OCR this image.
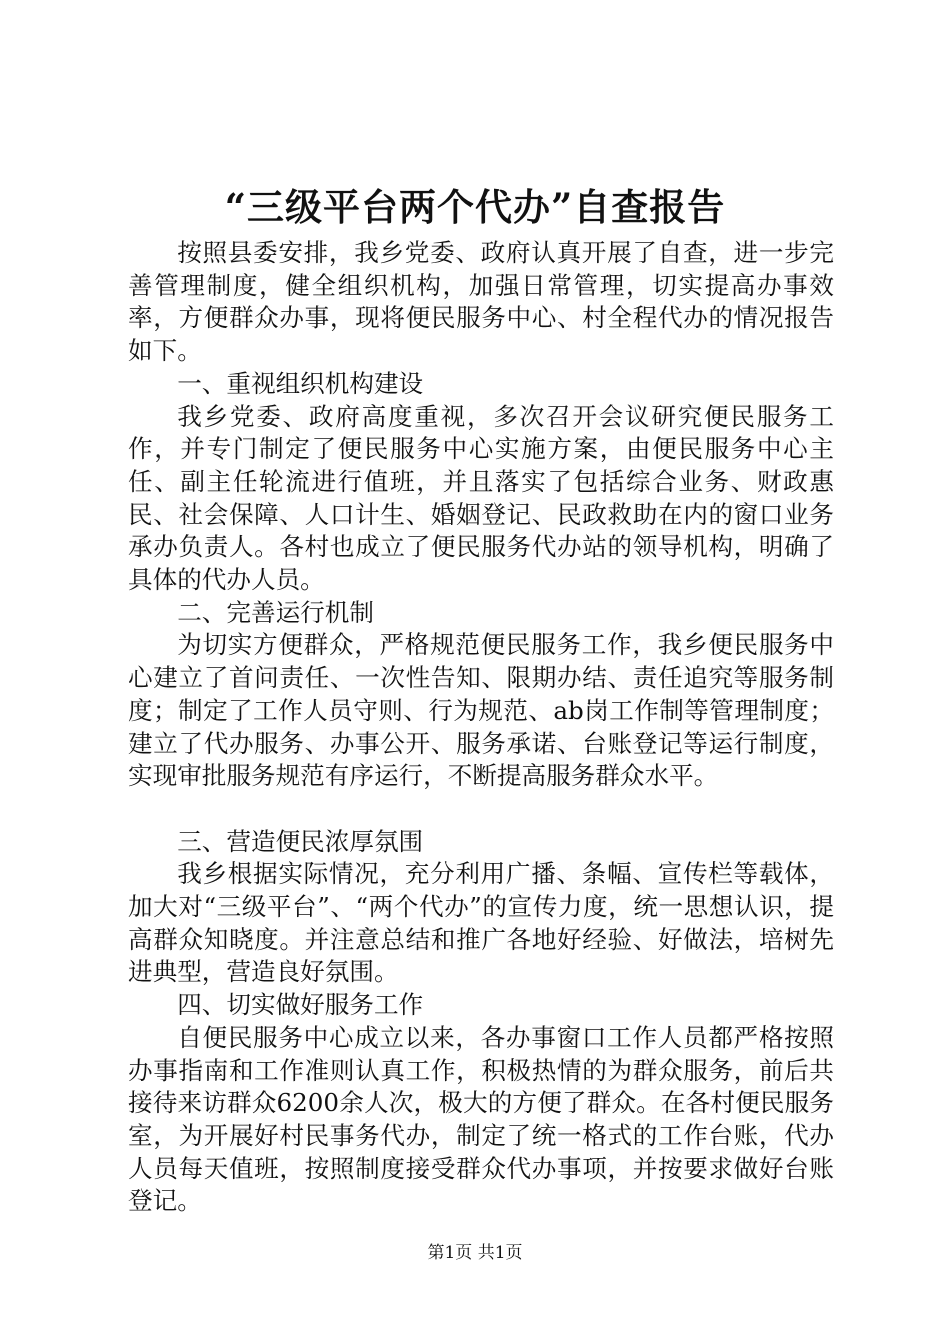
“三级平台两个代办”自查报告

按照县委安排，我乡党委、政府认真开展了自查，进一步完善管理制度，健全组织机构，加强日常管理，切实提高办事效率，方便群众办事，现将便民服务中心、村全程代办的情况报告如下。

一、重视组织机构建设

我乡党委、政府高度重视，多次召开会议研究便民服务工作，并专门制定了便民服务中心实施方案，由便民服务中心主任、副主任轮流进行值班，并且落实了包括综合业务、财政惠民、社会保障、人口计生、婚姻登记、民政救助在内的窗口业务承办负责人。各村也成立了便民服务代办站的领导机构，明确了具体的代办人员。

二、完善运行机制

为切实方便群众，严格规范便民服务工作，我乡便民服务中心建立了首问责任、一次性告知、限期办结、责任追究等服务制度；制定了工作人员守则、行为规范、ab岗工作制等管理制度；建立了代办服务、办事公开、服务承诺、台账登记等运行制度，实现审批服务规范有序运行，不断提高服务群众水平。

三、营造便民浓厚氛围

我乡根据实际情况，充分利用广播、条幅、宣传栏等载体，加大对“三级平台”、“两个代办”的宣传力度，统一思想认识，提高群众知晓度。并注意总结和推广各地好经验、好做法，培树先进典型，营造良好氛围。

四、切实做好服务工作

自便民服务中心成立以来，各办事窗口工作人员都严格按照办事指南和工作准则认真工作，积极热情的为群众服务，前后共接待来访群众6200余人次，极大的方便了群众。在各村便民服务室，为开展好村民事务代办，制定了统一格式的工作台账，代办人员每天值班，按照制度接受群众代办事项，并按要求做好台账登记。

第1页 共1页
